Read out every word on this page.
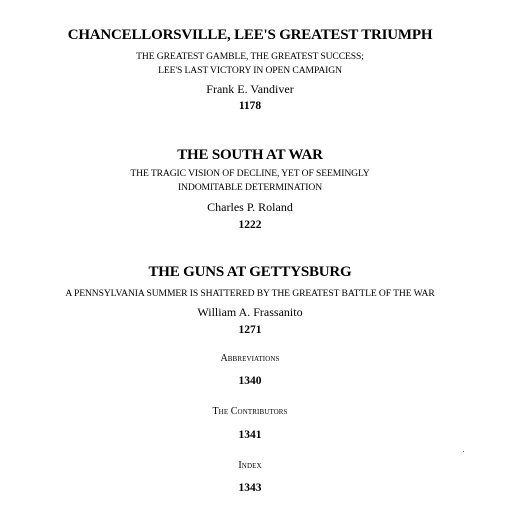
CHANCELLORSVILLE, LEE'S GREATEST TRIUMPH
THE GREATEST GAMBLE, THE GREATEST SUCCESS;
LEE'S LAST VICTORY IN OPEN CAMPAIGN
Frank E. Vandiver
1178
THE SOUTH AT WAR
THE TRAGIC VISION OF DECLINE, YET OF SEEMINGLY
INDOMITABLE DETERMINATION
Charles P. Roland
1222
THE GUNS AT GETTYSBURG
A PENNSYLVANIA SUMMER IS SHATTERED BY THE GREATEST BATTLE OF THE WAR
William A. Frassanito
1271
Abbreviations
1340
The Contributors
1341
Index
1343
